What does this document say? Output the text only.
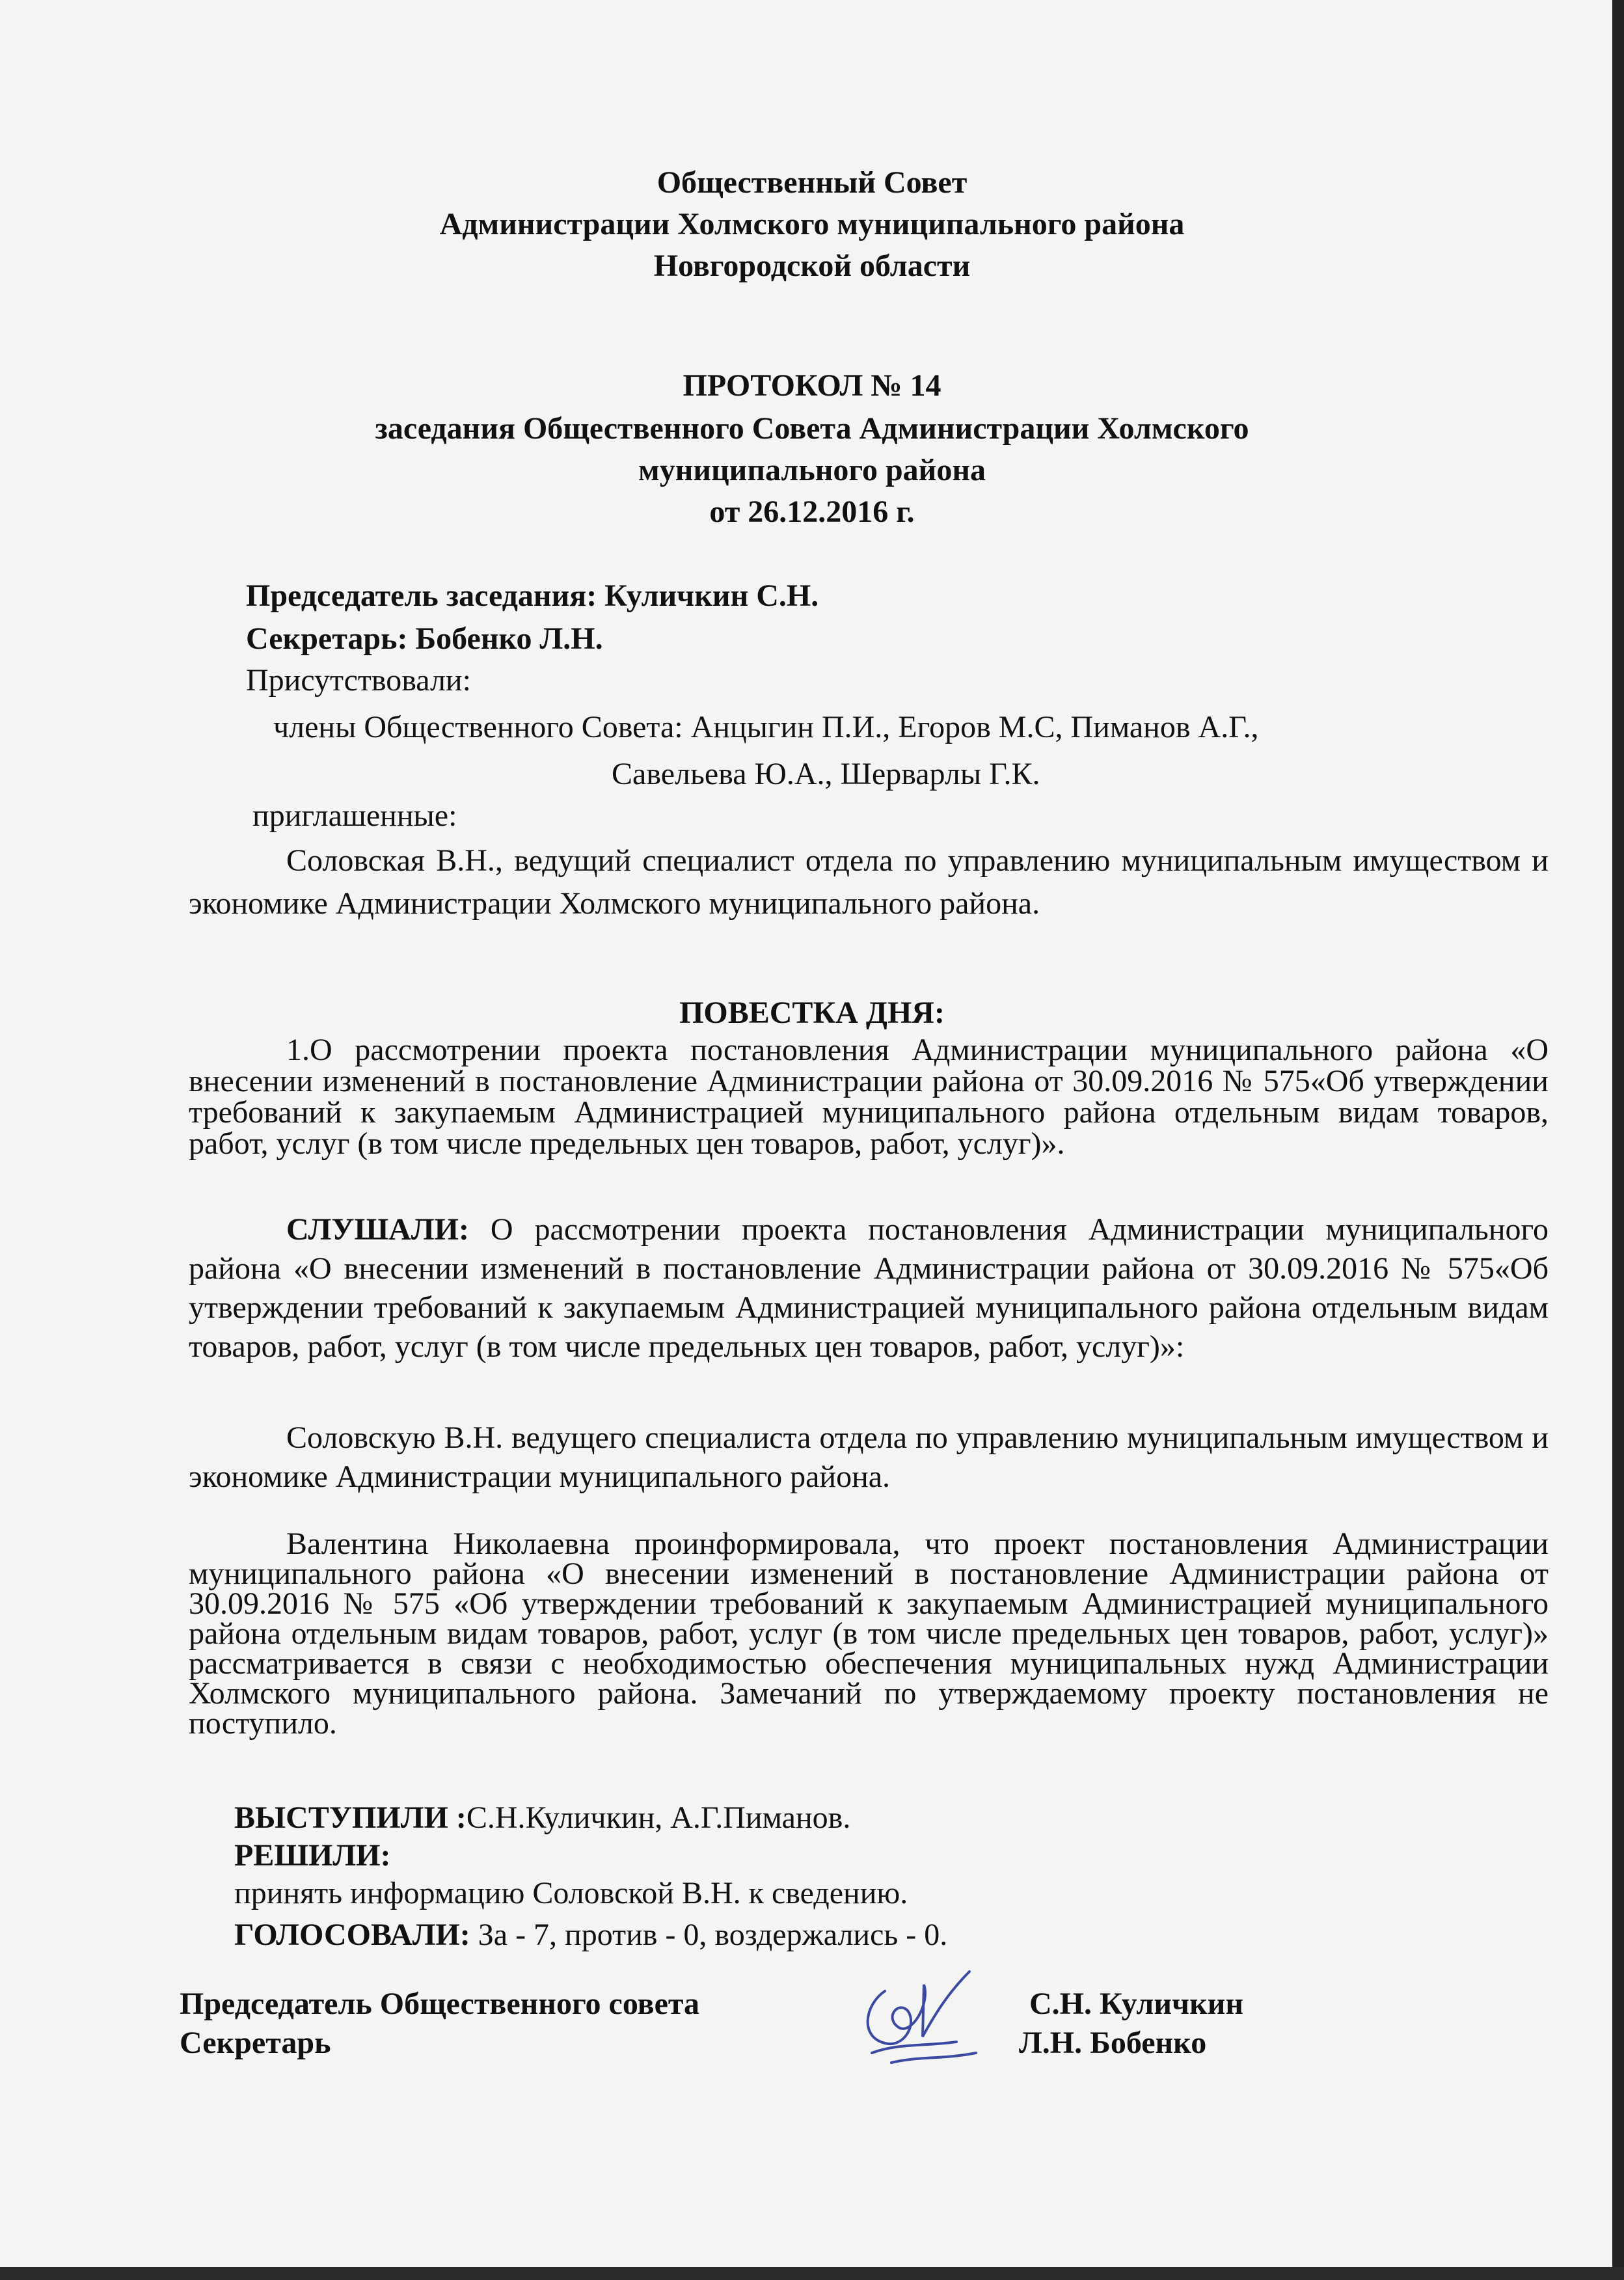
Общественный Совет
Администрации Холмского муниципального района
Новгородской области
ПРОТОКОЛ № 14
заседания Общественного Совета Администрации Холмского
муниципального района
от 26.12.2016 г.
Председатель заседания: Куличкин С.Н.
Секретарь: Бобенко Л.Н.
Присутствовали:
члены Общественного Совета: Анцыгин П.И., Егоров М.С, Пиманов А.Г.,
Савельева Ю.А., Шерварлы Г.К.
приглашенные:
Соловская В.Н., ведущий специалист отдела по управлению муниципальным имуществом и экономике Администрации Холмского муниципального района.
ПОВЕСТКА ДНЯ:
1.О рассмотрении проекта постановления Администрации муниципального района «О внесении изменений в постановление Администрации района от 30.09.2016 № 575«Об утверждении требований к закупаемым Администрацией муниципального района отдельным видам товаров, работ, услуг (в том числе предельных цен товаров, работ, услуг)».
СЛУШАЛИ: О рассмотрении проекта постановления Администрации муниципального района «О внесении изменений в постановление Администрации района от 30.09.2016 № 575«Об утверждении требований к закупаемым Администрацией муниципального района отдельным видам товаров, работ, услуг (в том числе предельных цен товаров, работ, услуг)»:
Соловскую В.Н. ведущего специалиста отдела по управлению муниципальным имуществом и экономике Администрации муниципального района.
Валентина Николаевна проинформировала, что проект постановления Администрации муниципального района «О внесении изменений в постановление Администрации района от 30.09.2016 № 575 «Об утверждении требований к закупаемым Администрацией муниципального района отдельным видам товаров, работ, услуг (в том числе предельных цен товаров, работ, услуг)» рассматривается в связи с необходимостью обеспечения муниципальных нужд Администрации Холмского муниципального района. Замечаний по утверждаемому проекту постановления не поступило.
ВЫСТУПИЛИ :С.Н.Куличкин, А.Г.Пиманов.
РЕШИЛИ:
принять информацию Соловской В.Н. к сведению.
ГОЛОСОВАЛИ: За - 7, против - 0, воздержались - 0.
Председатель Общественного совета
Секретарь
С.Н. Куличкин
Л.Н. Бобенко
